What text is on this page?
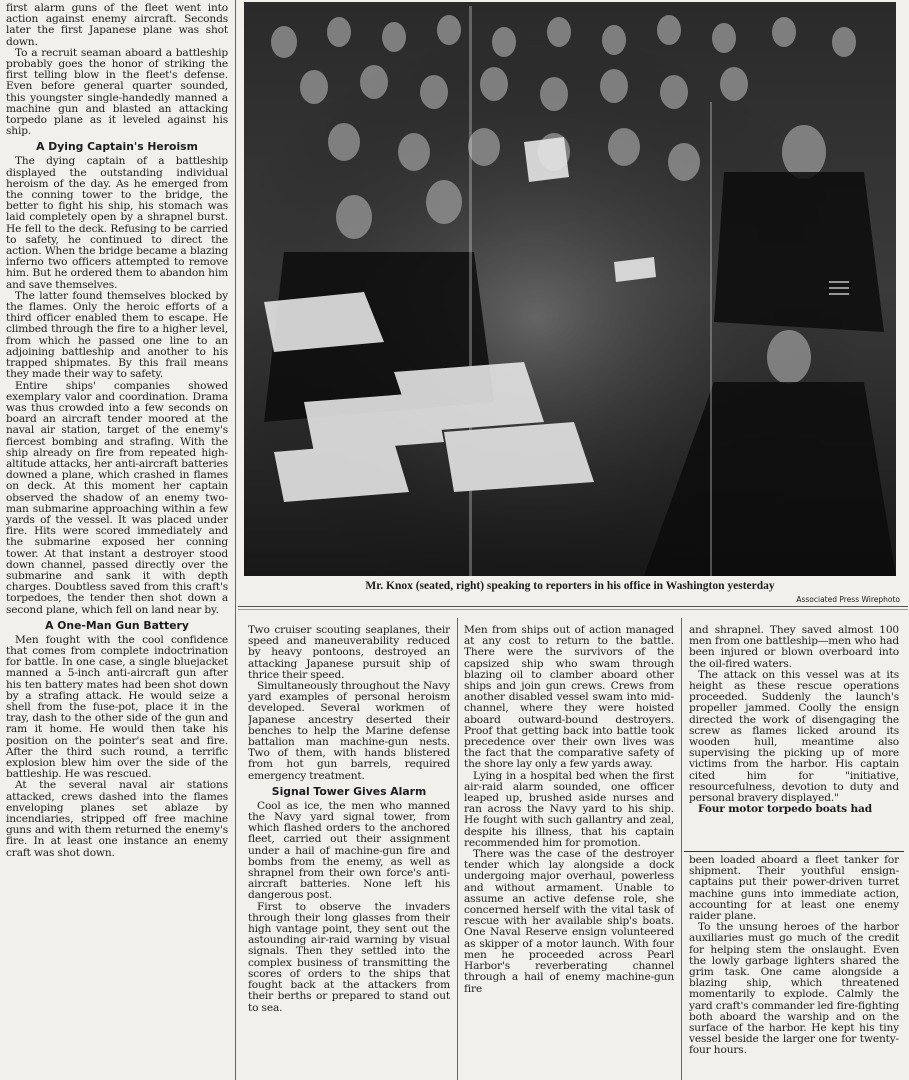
first alarm guns of the fleet went into action against enemy aircraft. Seconds later the first Japanese plane was shot down.

To a recruit seaman aboard a battleship probably goes the honor of striking the first telling blow in the fleet's defense. Even before general quarter sounded, this youngster single-handedly manned a machine gun and blasted an attacking torpedo plane as it leveled against his ship.

A Dying Captain's Heroism

The dying captain of a battleship displayed the outstanding individual heroism of the day. As he emerged from the conning tower to the bridge, the better to fight his ship, his stomach was laid completely open by a shrapnel burst. He fell to the deck. Refusing to be carried to safety, he continued to direct the action. When the bridge became a blazing inferno two officers attempted to remove him. But he ordered them to abandon him and save themselves.

The latter found themselves blocked by the flames. Only the heroic efforts of a third officer enabled them to escape. He climbed through the fire to a higher level, from which he passed one line to an adjoining battleship and another to his trapped shipmates. By this frail means they made their way to safety.

Entire ships' companies showed exemplary valor and coordination. Drama was thus crowded into a few seconds on board an aircraft tender moored at the naval air station, target of the enemy's fiercest bombing and strafing. With the ship already on fire from repeated high-altitude attacks, her anti-aircraft batteries downed a plane, which crashed in flames on deck. At this moment her captain observed the shadow of an enemy two-man submarine approaching within a few yards of the vessel. It was placed under fire. Hits were scored immediately and the submarine exposed her conning tower. At that instant a destroyer stood down channel, passed directly over the submarine and sank it with depth charges. Doubtless saved from this craft's torpedoes, the tender then shot down a second plane, which fell on land near by.

A One-Man Gun Battery

Men fought with the cool confidence that comes from complete indoctrination for battle. In one case, a single bluejacket manned a 5-inch anti-aircraft gun after his ten battery mates had been shot down by a strafing attack. He would seize a shell from the fuse-pot, place it in the tray, dash to the other side of the gun and ram it home. He would then take his position on the pointer's seat and fire. After the third such round, a terrific explosion blew him over the side of the battleship. He was rescued.

At the several naval air stations attacked, crews dashed into the flames enveloping planes set ablaze by incendiaries, stripped off free machine guns and with them returned the enemy's fire. In at least one instance an enemy craft was shot down.

Mr. Knox (seated, right) speaking to reporters in his office in Washington yesterday
Associated Press Wirephoto

Two cruiser scouting seaplanes, their speed and maneuverability reduced by heavy pontoons, destroyed an attacking Japanese pursuit ship of thrice their speed.

Simultaneously throughout the Navy yard examples of personal heroism developed. Several workmen of Japanese ancestry deserted their benches to help the Marine defense battalion man machine-gun nests. Two of them, with hands blistered from hot gun barrels, required emergency treatment.

Signal Tower Gives Alarm

Cool as ice, the men who manned the Navy yard signal tower, from which flashed orders to the anchored fleet, carried out their assignment under a hail of machine-gun fire and bombs from the enemy, as well as shrapnel from their own force's anti-aircraft batteries. None left his dangerous post.

First to observe the invaders through their long glasses from their high vantage point, they sent out the astounding air-raid warning by visual signals. Then they settled into the complex business of transmitting the scores of orders to the ships that fought back at the attackers from their berths or prepared to stand out to sea.

Men from ships out of action managed at any cost to return to the battle. There were the survivors of the capsized ship who swam through blazing oil to clamber aboard other ships and join gun crews. Crews from another disabled vessel swam into mid-channel, where they were hoisted aboard outward-bound destroyers. Proof that getting back into battle took precedence over their own lives was the fact that the comparative safety of the shore lay only a few yards away.

Lying in a hospital bed when the first air-raid alarm sounded, one officer leaped up, brushed aside nurses and ran across the Navy yard to his ship. He fought with such gallantry and zeal, despite his illness, that his captain recommended him for promotion.

There was the case of the destroyer tender which lay alongside a dock undergoing major overhaul, powerless and without armament. Unable to assume an active defense role, she concerned herself with the vital task of rescue with her available ship's boats. One Naval Reserve ensign volunteered as skipper of a motor launch. With four men he proceeded across Pearl Harbor's reverberating channel through a hail of enemy machine-gun fire

and shrapnel. They saved almost 100 men from one battleship—men who had been injured or blown overboard into the oil-fired waters.

The attack on this vessel was at its height as these rescue operations proceeded. Suddenly the launch's propeller jammed. Coolly the ensign directed the work of disengaging the screw as flames licked around its wooden hull, meantime also supervising the picking up of more victims from the harbor. His captain cited him for "initiative, resourcefulness, devotion to duty and personal bravery displayed."

Four motor torpedo boats had

been loaded aboard a fleet tanker for shipment. Their youthful ensign-captains put their power-driven turret machine guns into immediate action, accounting for at least one enemy raider plane.

To the unsung heroes of the harbor auxiliaries must go much of the credit for helping stem the onslaught. Even the lowly garbage lighters shared the grim task. One came alongside a blazing ship, which threatened momentarily to explode. Calmly the yard craft's commander led fire-fighting both aboard the warship and on the surface of the harbor. He kept his tiny vessel beside the larger one for twenty-four hours.
